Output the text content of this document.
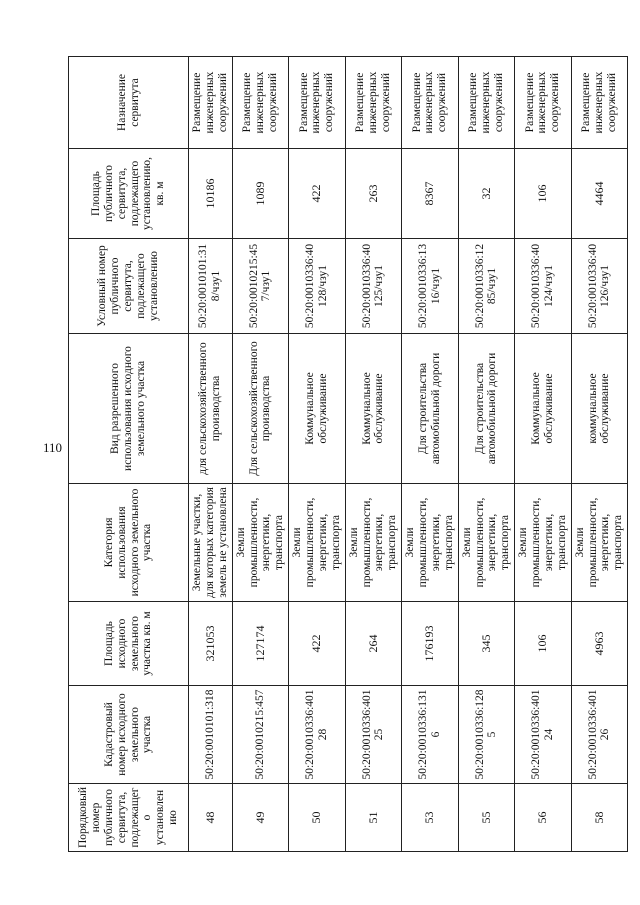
110
Порядковый номер публичного сервитута, подлежащего установлению	Кадастровый номер исходного земельного участка	Площадь исходного земельного участка кв. м	Категория использования исходного земельного участка	Вид разрешенного использования исходного земельного участка	Условный номер публичного сервитута, подлежащего установлению	Площадь публичного сервитута, подлежащего установлению, кв. м	Назначение сервитута
48	50:20:0010101:318	321053	Земельные участки, для которых категория земель не установлена	для сельскохозяйственного производства	50:20:0010101:318/чзу1	10186	Размещение инженерных сооружений
49	50:20:0010215:457	127174	Земли промышленности, энергетики, транспорта	Для сельскохозяйственного производства	50:20:0010215:457/чзу1	1089	Размещение инженерных сооружений
50	50:20:0010336:40128	422	Земли промышленности, энергетики, транспорта	Коммунальное обслуживание	50:20:0010336:40128/чзу1	422	Размещение инженерных сооружений
51	50:20:0010336:40125	264	Земли промышленности, энергетики, транспорта	Коммунальное обслуживание	50:20:0010336:40125/чзу1	263	Размещение инженерных сооружений
53	50:20:0010336:1316	176193	Земли промышленности, энергетики, транспорта	Для строительства автомобильной дороги	50:20:0010336:1316/чзу1	8367	Размещение инженерных сооружений
55	50:20:0010336:1285	345	Земли промышленности, энергетики, транспорта	Для строительства автомобильной дороги	50:20:0010336:1285/чзу1	32	Размещение инженерных сооружений
56	50:20:0010336:40124	106	Земли промышленности, энергетики, транспорта	Коммунальное обслуживание	50:20:0010336:40124/чзу1	106	Размещение инженерных сооружений
58	50:20:0010336:40126	4963	Земли промышленности, энергетики, транспорта	коммунальное обслуживание	50:20:0010336:40126/чзу1	4464	Размещение инженерных сооружений
